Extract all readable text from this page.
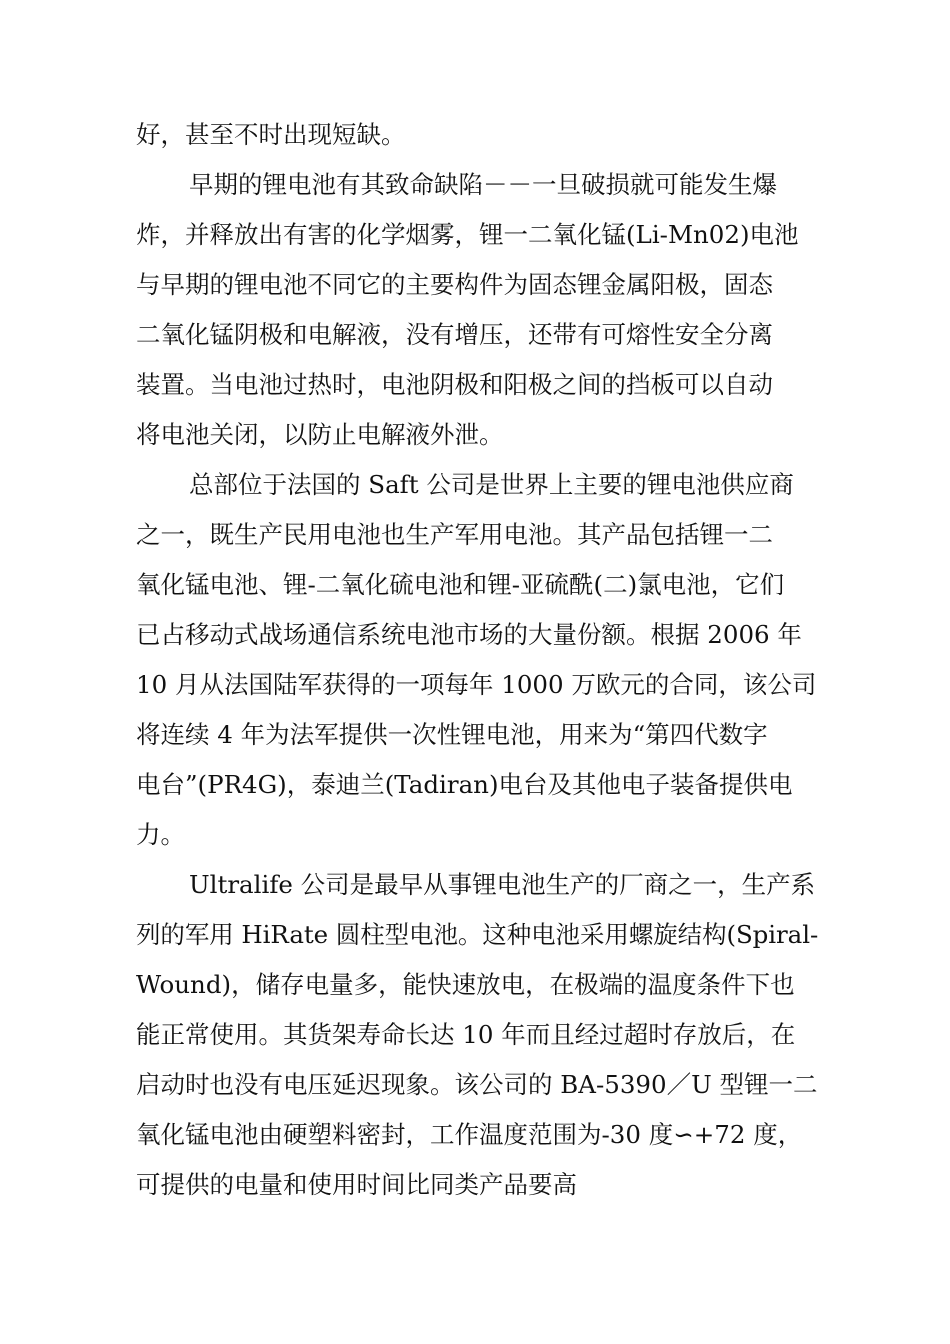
好，甚至不时出现短缺。
早期的锂电池有其致命缺陷－－一旦破损就可能发生爆
炸，并释放出有害的化学烟雾，锂一二氧化锰(Li-Mn02)电池
与早期的锂电池不同它的主要构件为固态锂金属阳极，固态
二氧化锰阴极和电解液，没有增压，还带有可熔性安全分离
装置。当电池过热时，电池阴极和阳极之间的挡板可以自动
将电池关闭，以防止电解液外泄。
总部位于法国的 Saft 公司是世界上主要的锂电池供应商
之一，既生产民用电池也生产军用电池。其产品包括锂一二
氧化锰电池、锂-二氧化硫电池和锂-亚硫酰(二)氯电池，它们
已占移动式战场通信系统电池市场的大量份额。根据 2006 年
10 月从法国陆军获得的一项每年 1000 万欧元的合同，该公司
将连续 4 年为法军提供一次性锂电池，用来为“第四代数字
电台”(PR4G)，泰迪兰(Tadiran)电台及其他电子装备提供电
力。
Ultralife 公司是最早从事锂电池生产的厂商之一，生产系
列的军用 HiRate 圆柱型电池。这种电池采用螺旋结构(Spiral-
Wound)，储存电量多，能快速放电，在极端的温度条件下也
能正常使用。其货架寿命长达 10 年而且经过超时存放后，在
启动时也没有电压延迟现象。该公司的 BA-5390／U 型锂一二
氧化锰电池由硬塑料密封，工作温度范围为-30 度∽+72 度，
可提供的电量和使用时间比同类产品要高
